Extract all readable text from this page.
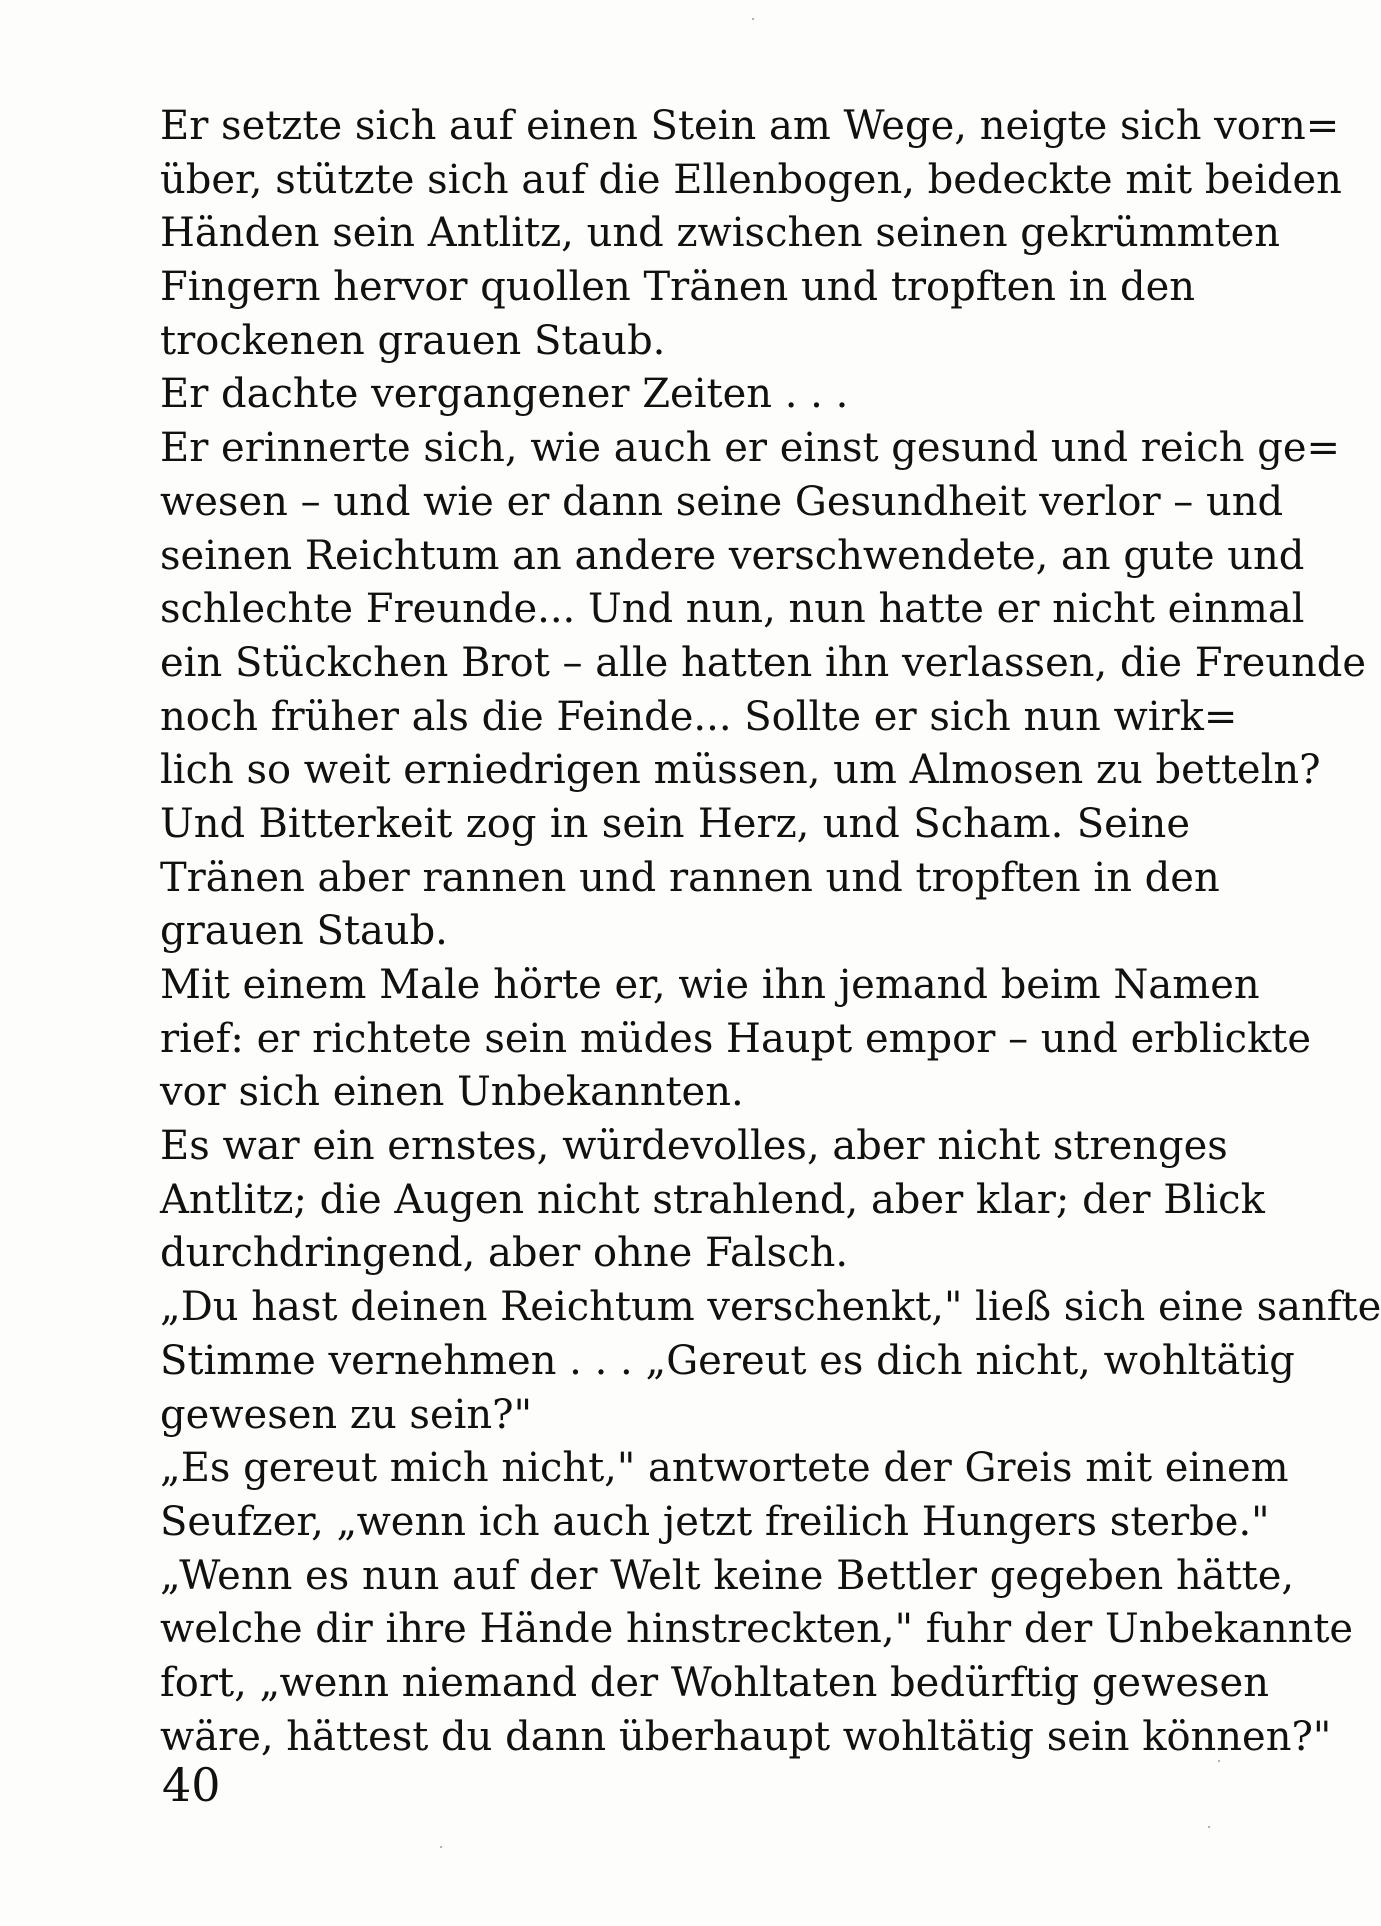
Er setzte sich auf einen Stein am Wege, neigte sich vorn=
über, stützte sich auf die Ellenbogen, bedeckte mit beiden
Händen sein Antlitz, und zwischen seinen gekrümmten
Fingern hervor quollen Tränen und tropften in den
trockenen grauen Staub.
Er dachte vergangener Zeiten . . .
Er erinnerte sich, wie auch er einst gesund und reich ge=
wesen – und wie er dann seine Gesundheit verlor – und
seinen Reichtum an andere verschwendete, an gute und
schlechte Freunde... Und nun, nun hatte er nicht einmal
ein Stückchen Brot – alle hatten ihn verlassen, die Freunde
noch früher als die Feinde... Sollte er sich nun wirk=
lich so weit erniedrigen müssen, um Almosen zu betteln?
Und Bitterkeit zog in sein Herz, und Scham. Seine
Tränen aber rannen und rannen und tropften in den
grauen Staub.
Mit einem Male hörte er, wie ihn jemand beim Namen
rief: er richtete sein müdes Haupt empor – und erblickte
vor sich einen Unbekannten.
Es war ein ernstes, würdevolles, aber nicht strenges
Antlitz; die Augen nicht strahlend, aber klar; der Blick
durchdringend, aber ohne Falsch.
„Du hast deinen Reichtum verschenkt," ließ sich eine sanfte
Stimme vernehmen . . . „Gereut es dich nicht, wohltätig
gewesen zu sein?"
„Es gereut mich nicht," antwortete der Greis mit einem
Seufzer, „wenn ich auch jetzt freilich Hungers sterbe."
„Wenn es nun auf der Welt keine Bettler gegeben hätte,
welche dir ihre Hände hinstreckten," fuhr der Unbekannte
fort, „wenn niemand der Wohltaten bedürftig gewesen
wäre, hättest du dann überhaupt wohltätig sein können?"
40
